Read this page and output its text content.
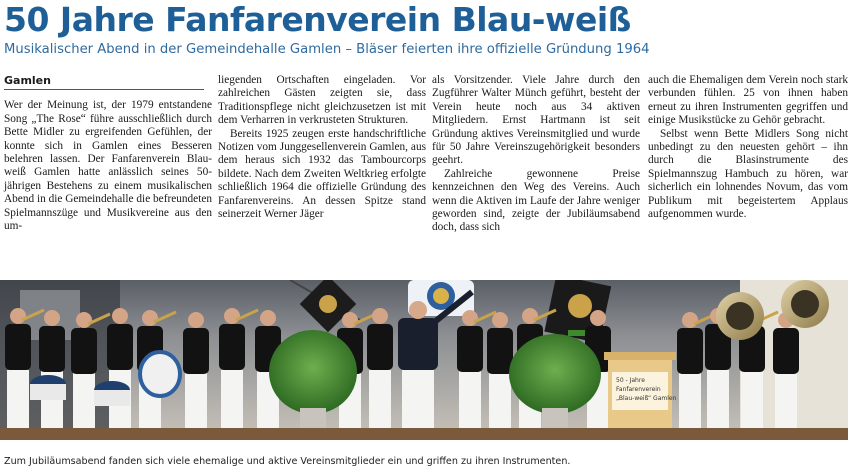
50 Jahre Fanfarenverein Blau-weiß
Musikalischer Abend in der Gemeindehalle Gamlen – Bläser feierten ihre offizielle Gründung 1964
Gamlen

Wer der Meinung ist, der 1979 entstandene Song „The Rose“ führe ausschließlich durch Bette Midler zu ergreifenden Gefühlen, der konnte sich in Gamlen eines Besseren belehren lassen. Der Fanfarenverein Blau-weiß Gamlen hatte anlässlich seines 50-jährigen Bestehens zu einem musikalischen Abend in die Gemeindehalle die befreundeten Spielmannszüge und Musikvereine aus den um-

liegenden Ortschaften eingeladen. Vor zahlreichen Gästen zeigten sie, dass Traditionspflege nicht gleichzusetzen ist mit dem Verharren in verkrusteten Strukturen.

Bereits 1925 zeugen erste handschriftliche Notizen vom Junggesellenverein Gamlen, aus dem heraus sich 1932 das Tambourcorps bildete. Nach dem Zweiten Weltkrieg erfolgte schließlich 1964 die offizielle Gründung des Fanfarenvereins. An dessen Spitze stand seinerzeit Werner Jäger

als Vorsitzender. Viele Jahre durch den Zugführer Walter Münch geführt, besteht der Verein heute noch aus 34 aktiven Mitgliedern. Ernst Hartmann ist seit Gründung aktives Vereinsmitglied und wurde für 50 Jahre Vereinszugehörigkeit besonders geehrt.

Zahlreiche gewonnene Preise kennzeichnen den Weg des Vereins. Auch wenn die Aktiven im Laufe der Jahre weniger geworden sind, zeigte der Jubiläumsabend doch, dass sich

auch die Ehemaligen dem Verein noch stark verbunden fühlen. 25 von ihnen haben erneut zu ihren Instrumenten gegriffen und einige Musikstücke zu Gehör gebracht.

Selbst wenn Bette Midlers Song nicht unbedingt zu den neuesten gehört – ihn durch die Blasinstrumente des Spielmannszug Hambuch zu hören, war sicherlich ein lohnendes Novum, das vom Publikum mit begeistertem Applaus aufgenommen wurde.

50 - Jahre Fanfarenverein „Blau-weiß“ Gamlen
Zum Jubiläumsabend fanden sich viele ehemalige und aktive Vereinsmitglieder ein und griffen zu ihren Instrumenten.
